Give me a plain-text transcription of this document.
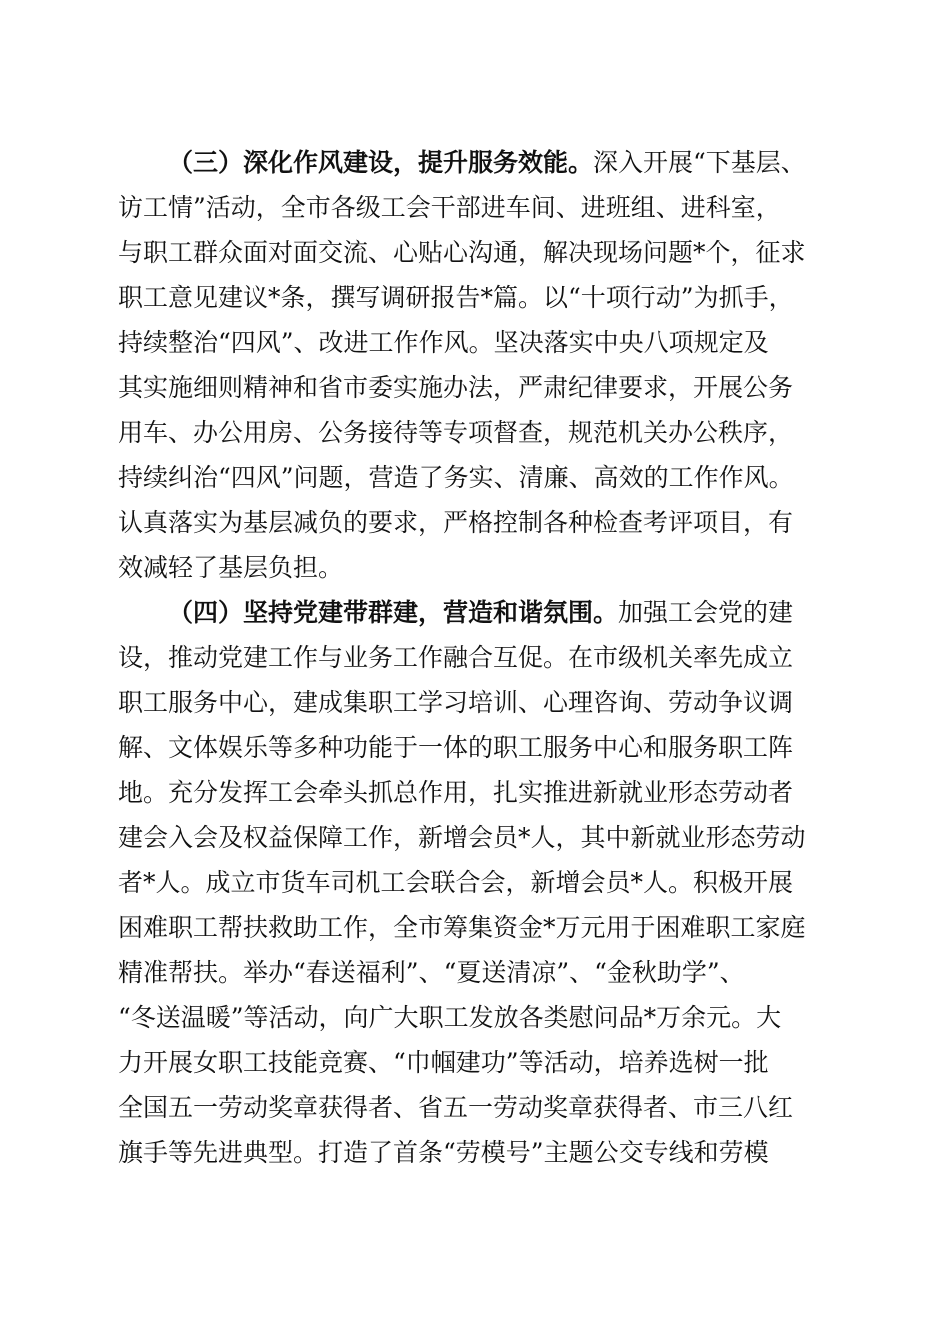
（三）深化作风建设，提升服务效能。深入开展“下基层、

访工情”活动，全市各级工会干部进车间、进班组、进科室，

与职工群众面对面交流、心贴心沟通，解决现场问题*个，征求

职工意见建议*条，撰写调研报告*篇。以“十项行动”为抓手，

持续整治“四风”、改进工作作风。坚决落实中央八项规定及

其实施细则精神和省市委实施办法，严肃纪律要求，开展公务

用车、办公用房、公务接待等专项督查，规范机关办公秩序，

持续纠治“四风”问题，营造了务实、清廉、高效的工作作风。

认真落实为基层减负的要求，严格控制各种检查考评项目，有

效减轻了基层负担。

（四）坚持党建带群建，营造和谐氛围。加强工会党的建

设，推动党建工作与业务工作融合互促。在市级机关率先成立

职工服务中心，建成集职工学习培训、心理咨询、劳动争议调

解、文体娱乐等多种功能于一体的职工服务中心和服务职工阵

地。充分发挥工会牵头抓总作用，扎实推进新就业形态劳动者

建会入会及权益保障工作，新增会员*人，其中新就业形态劳动

者*人。成立市货车司机工会联合会，新增会员*人。积极开展

困难职工帮扶救助工作，全市筹集资金*万元用于困难职工家庭

精准帮扶。举办“春送福利”、“夏送清凉”、“金秋助学”、

“冬送温暖”等活动，向广大职工发放各类慰问品*万余元。大

力开展女职工技能竞赛、“巾帼建功”等活动，培养选树一批

全国五一劳动奖章获得者、省五一劳动奖章获得者、市三八红

旗手等先进典型。打造了首条“劳模号”主题公交专线和劳模
